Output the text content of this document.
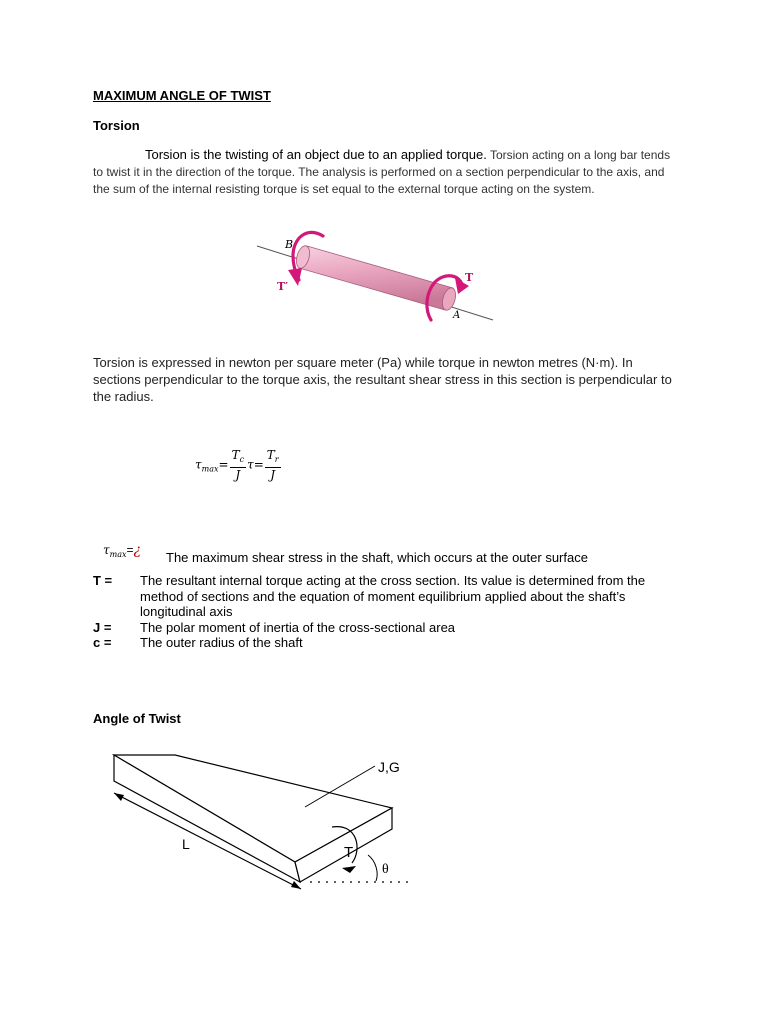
MAXIMUM ANGLE OF TWIST
Torsion
Torsion is the twisting of an object due to an applied torque. Torsion acting on a long bar tends to twist it in the direction of the torque. The analysis is performed on a section perpendicular to the axis, and the sum of the internal resisting torque is set equal to the external torque acting on the system.
B
A
T
T′
Torsion is expressed in newton per square meter (Pa) while torque in newton metres (N·m). In sections perpendicular to the torque axis, the resultant shear stress in this section is perpendicular to the radius.
$\tau_{max}= \frac{T_c}{J} \tau= \frac{T_r}{J}$
$\tau_{max}=¿$ The maximum shear stress in the shaft, which occurs at the outer surface
T =	The resultant internal torque acting at the cross section. Its value is determined from the method of sections and the equation of moment equilibrium applied about the shaft’s longitudinal axis
J =	The polar moment of inertia of the cross-sectional area
c =	The outer radius of the shaft
Angle of Twist
J,G
L	T
θ
